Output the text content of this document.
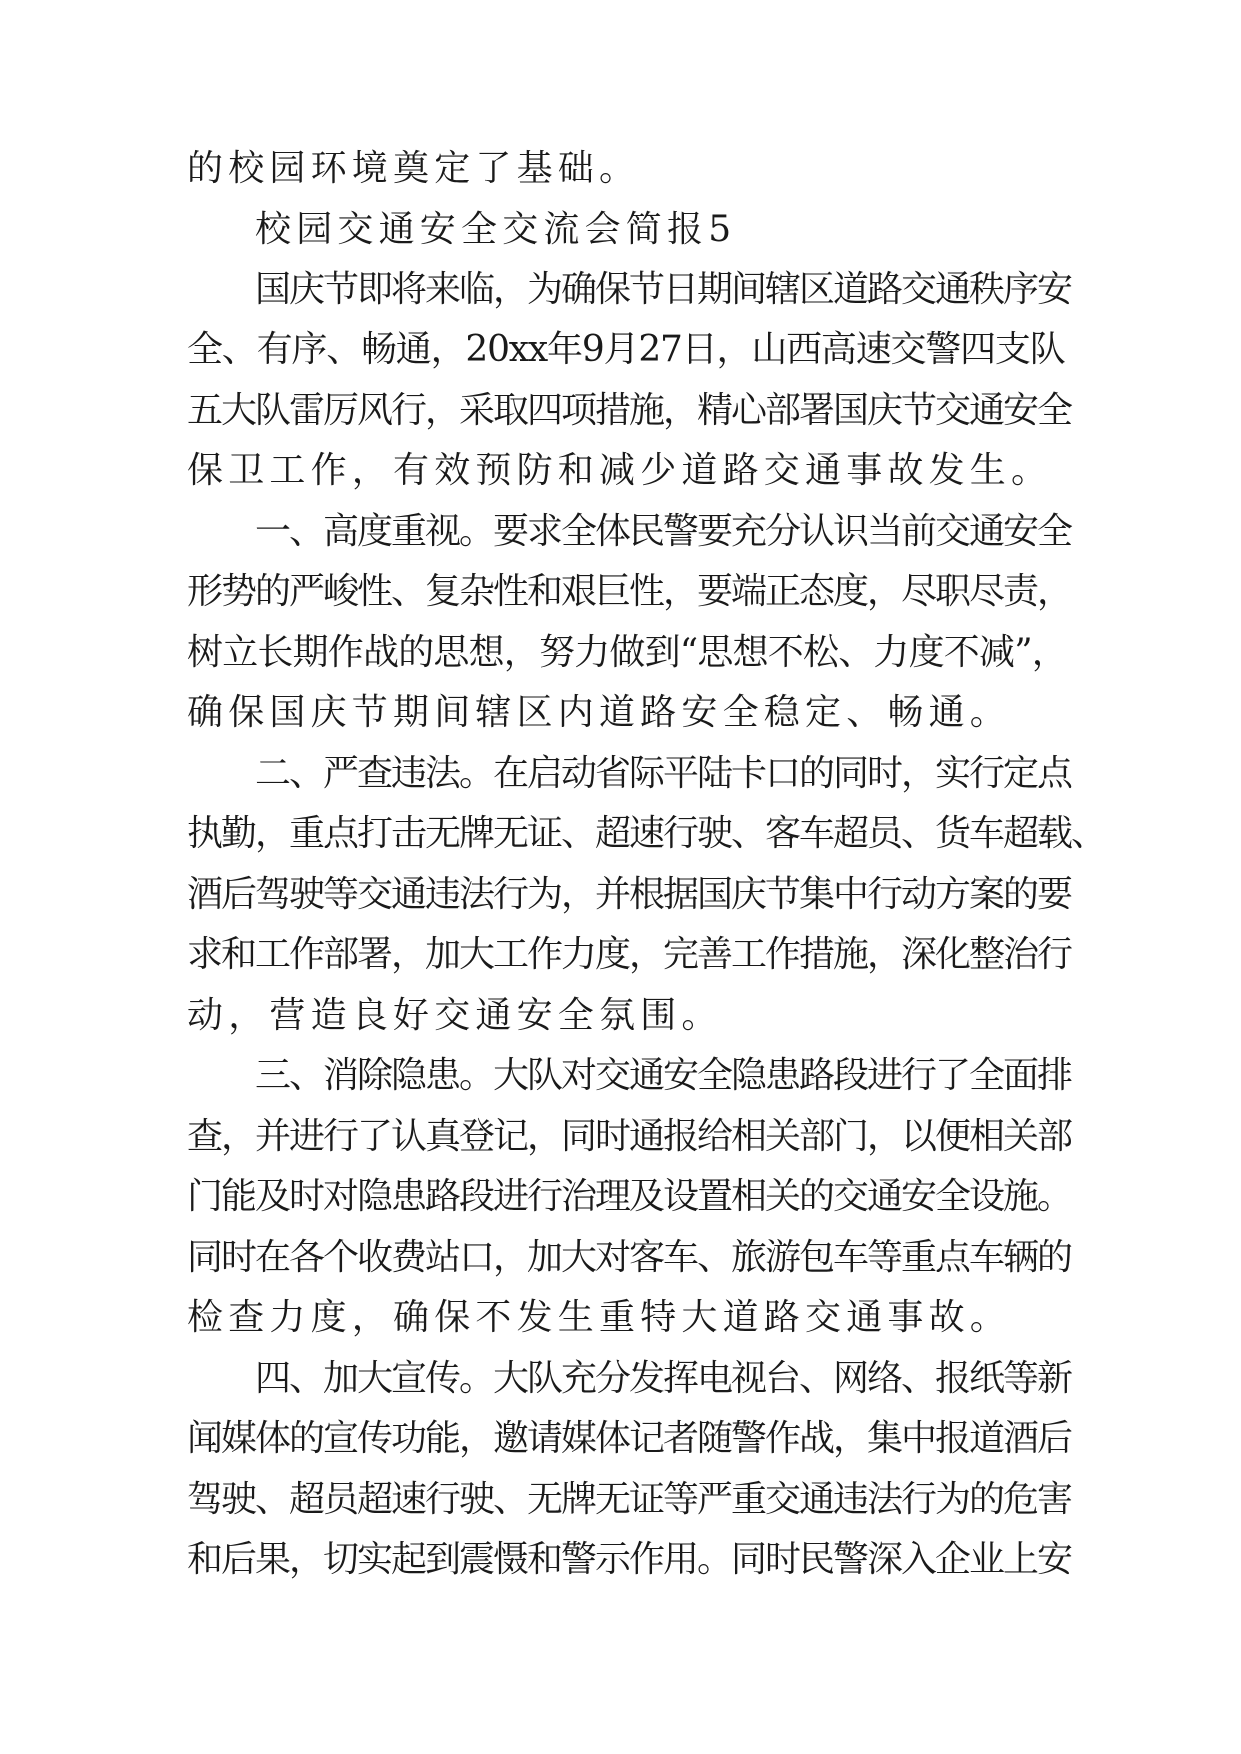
的校园环境奠定了基础。
校园交通安全交流会简报5
国庆节即将来临，为确保节日期间辖区道路交通秩序安
全、有序、畅通，20xx年9月27日，山西高速交警四支队
五大队雷厉风行，采取四项措施，精心部署国庆节交通安全
保卫工作，有效预防和减少道路交通事故发生。
一、高度重视。要求全体民警要充分认识当前交通安全
形势的严峻性、复杂性和艰巨性，要端正态度，尽职尽责，
树立长期作战的思想，努力做到“思想不松、力度不减”，
确保国庆节期间辖区内道路安全稳定、畅通。
二、严查违法。在启动省际平陆卡口的同时，实行定点
执勤，重点打击无牌无证、超速行驶、客车超员、货车超载、
酒后驾驶等交通违法行为，并根据国庆节集中行动方案的要
求和工作部署，加大工作力度，完善工作措施，深化整治行
动，营造良好交通安全氛围。
三、消除隐患。大队对交通安全隐患路段进行了全面排
查，并进行了认真登记，同时通报给相关部门，以便相关部
门能及时对隐患路段进行治理及设置相关的交通安全设施。
同时在各个收费站口，加大对客车、旅游包车等重点车辆的
检查力度，确保不发生重特大道路交通事故。
四、加大宣传。大队充分发挥电视台、网络、报纸等新
闻媒体的宣传功能，邀请媒体记者随警作战，集中报道酒后
驾驶、超员超速行驶、无牌无证等严重交通违法行为的危害
和后果，切实起到震慑和警示作用。同时民警深入企业上安
